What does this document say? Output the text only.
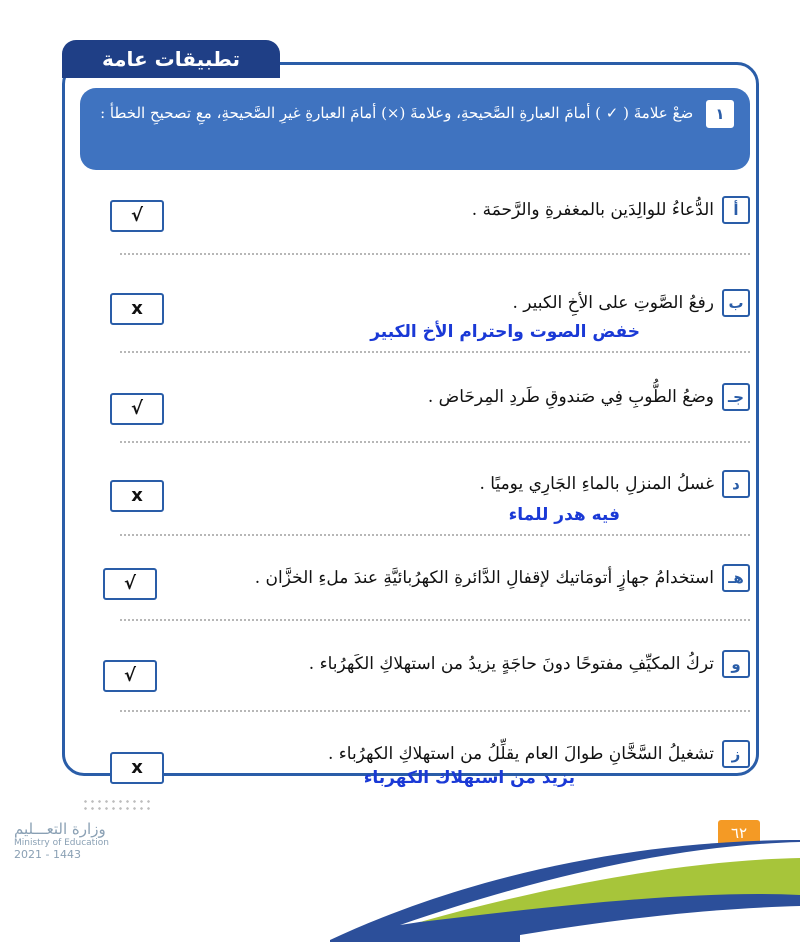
تطبيقات عامة
١ ضعْ علامةَ ( ✓ ) أمامَ العبارةِ الصَّحيحةِ، وعلامةَ (×) أمامَ العبارةِ غيرِ الصَّحيحةِ، معِ تصحيحِ الخطأ :
أ
الدُّعاءُ للوالِدَين بالمغفرةِ والرَّحمَة .
√
ب
رفعُ الصَّوتِ على الأخِ الكبير .
x
خفض الصوت واحترام الأخ الكبير
جـ
وضعُ الطُّوبِ فِي صَندوقِ طَردِ المِرحَاض .
√
د
غسلُ المنزلِ بالماءِ الجَارِي يوميًا .
x
فيه هدر للماء
هـ
استخدامُ جهازٍ أتومَاتيك لإقفالِ الدَّائرةِ الكهرُبائيَّةِ عندَ ملءِ الخزَّان .
√
و
تركُ المكيِّفِ مفتوحًا دونَ حاجَةٍ يزيدُ من استهلاكِ الكَهرُباء .
√
ز
تشغيلُ السَّخَّانِ طوالَ العام يقلِّلُ من استهلاكِ الكهرُباء .
x	يزيد من استهلاك الكهرباء
وزارة التعـــليم
Ministry of Education
2021 - 1443
٦٢
